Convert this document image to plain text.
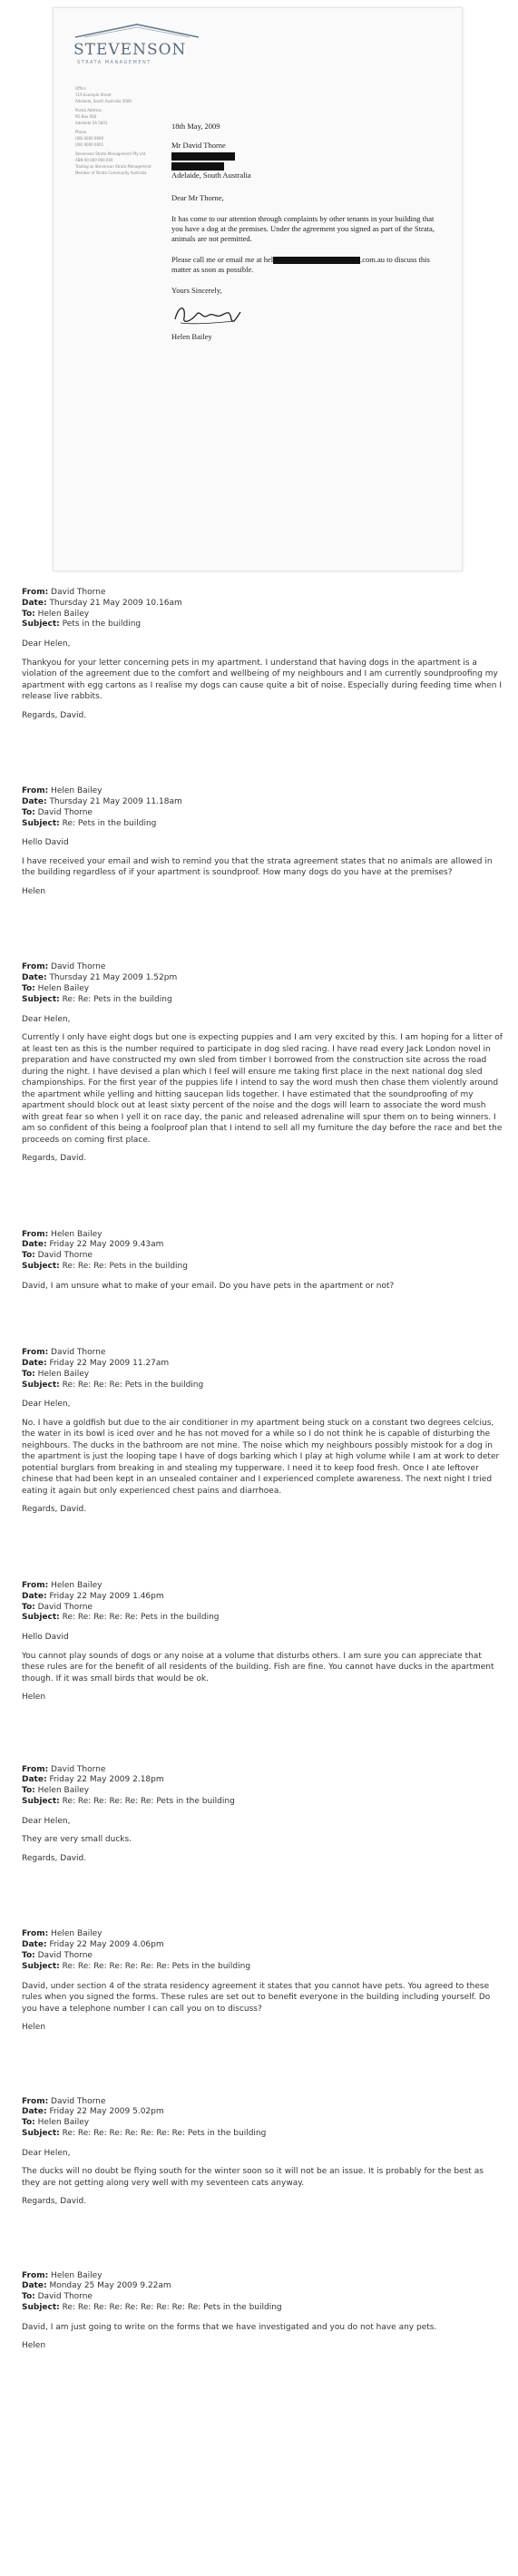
STEVENSON
STRATA MANAGEMENT
Office
119 Example Street
Adelaide, South Australia 5000
Postal Address
PO Box 000
Adelaide SA 5001
Phone
(08) 0000 0000
(08) 0000 0001
Stevenson Strata Management Pty Ltd
ABN 00 000 000 000
Trading as Stevenson Strata Management
Member of Strata Community Australia
18th May, 2009
Mr David Thorne
Adelaide, South Australia
Dear Mr Thorne,
It has come to our attention through complaints by other tenants in your building that you have a dog at the premises. Under the agreement you signed as part of the Strata, animals are not permitted.
Please call me or email me at hel	.com.au to discuss this matter as soon as possible.
Yours Sincerely,
Helen Bailey
From: David Thorne
Date: Thursday 21 May 2009 10.16am
To: Helen Bailey
Subject: Pets in the building

Dear Helen,

Thankyou for your letter concerning pets in my apartment. I understand that having dogs in the apartment is a violation of the agreement due to the comfort and wellbeing of my neighbours and I am currently soundproofing my apartment with egg cartons as I realise my dogs can cause quite a bit of noise. Especially during feeding time when I release live rabbits.

Regards, David.

From: Helen Bailey
Date: Thursday 21 May 2009 11.18am
To: David Thorne
Subject: Re: Pets in the building

Hello David

I have received your email and wish to remind you that the strata agreement states that no animals are allowed in the building regardless of if your apartment is soundproof. How many dogs do you have at the premises?

Helen

From: David Thorne
Date: Thursday 21 May 2009 1.52pm
To: Helen Bailey
Subject: Re: Re: Pets in the building

Dear Helen,

Currently I only have eight dogs but one is expecting puppies and I am very excited by this. I am hoping for a litter of at least ten as this is the number required to participate in dog sled racing. I have read every Jack London novel in preparation and have constructed my own sled from timber I borrowed from the construction site across the road during the night. I have devised a plan which I feel will ensure me taking first place in the next national dog sled championships. For the first year of the puppies life I intend to say the word mush then chase them violently around the apartment while yelling and hitting saucepan lids together. I have estimated that the soundproofing of my apartment should block out at least sixty percent of the noise and the dogs will learn to associate the word mush with great fear so when I yell it on race day, the panic and released adrenaline will spur them on to being winners. I am so confident of this being a foolproof plan that I intend to sell all my furniture the day before the race and bet the proceeds on coming first place.

Regards, David.

From: Helen Bailey
Date: Friday 22 May 2009 9.43am
To: David Thorne
Subject: Re: Re: Re: Pets in the building

David, I am unsure what to make of your email. Do you have pets in the apartment or not?

From: David Thorne
Date: Friday 22 May 2009 11.27am
To: Helen Bailey
Subject: Re: Re: Re: Re: Pets in the building

Dear Helen,

No. I have a goldfish but due to the air conditioner in my apartment being stuck on a constant two degrees celcius, the water in its bowl is iced over and he has not moved for a while so I do not think he is capable of disturbing the neighbours. The ducks in the bathroom are not mine. The noise which my neighbours possibly mistook for a dog in the apartment is just the looping tape I have of dogs barking which I play at high volume while I am at work to deter potential burglars from breaking in and stealing my tupperware. I need it to keep food fresh. Once I ate leftover chinese that had been kept in an unsealed container and I experienced complete awareness. The next night I tried eating it again but only experienced chest pains and diarrhoea.

Regards, David.

From: Helen Bailey
Date: Friday 22 May 2009 1.46pm
To: David Thorne
Subject: Re: Re: Re: Re: Re: Pets in the building

Hello David

You cannot play sounds of dogs or any noise at a volume that disturbs others. I am sure you can appreciate that these rules are for the benefit of all residents of the building. Fish are fine. You cannot have ducks in the apartment though. If it was small birds that would be ok.

Helen

From: David Thorne
Date: Friday 22 May 2009 2.18pm
To: Helen Bailey
Subject: Re: Re: Re: Re: Re: Re: Pets in the building

Dear Helen,

They are very small ducks.

Regards, David.

From: Helen Bailey
Date: Friday 22 May 2009 4.06pm
To: David Thorne
Subject: Re: Re: Re: Re: Re: Re: Re: Pets in the building

David, under section 4 of the strata residency agreement it states that you cannot have pets. You agreed to these rules when you signed the forms. These rules are set out to benefit everyone in the building including yourself. Do you have a telephone number I can call you on to discuss?

Helen

From: David Thorne
Date: Friday 22 May 2009 5.02pm
To: Helen Bailey
Subject: Re: Re: Re: Re: Re: Re: Re: Re: Pets in the building

Dear Helen,

The ducks will no doubt be flying south for the winter soon so it will not be an issue. It is probably for the best as they are not getting along very well with my seventeen cats anyway.

Regards, David.

From: Helen Bailey
Date: Monday 25 May 2009 9.22am
To: David Thorne
Subject: Re: Re: Re: Re: Re: Re: Re: Re: Re: Pets in the building

David, I am just going to write on the forms that we have investigated and you do not have any pets.

Helen
